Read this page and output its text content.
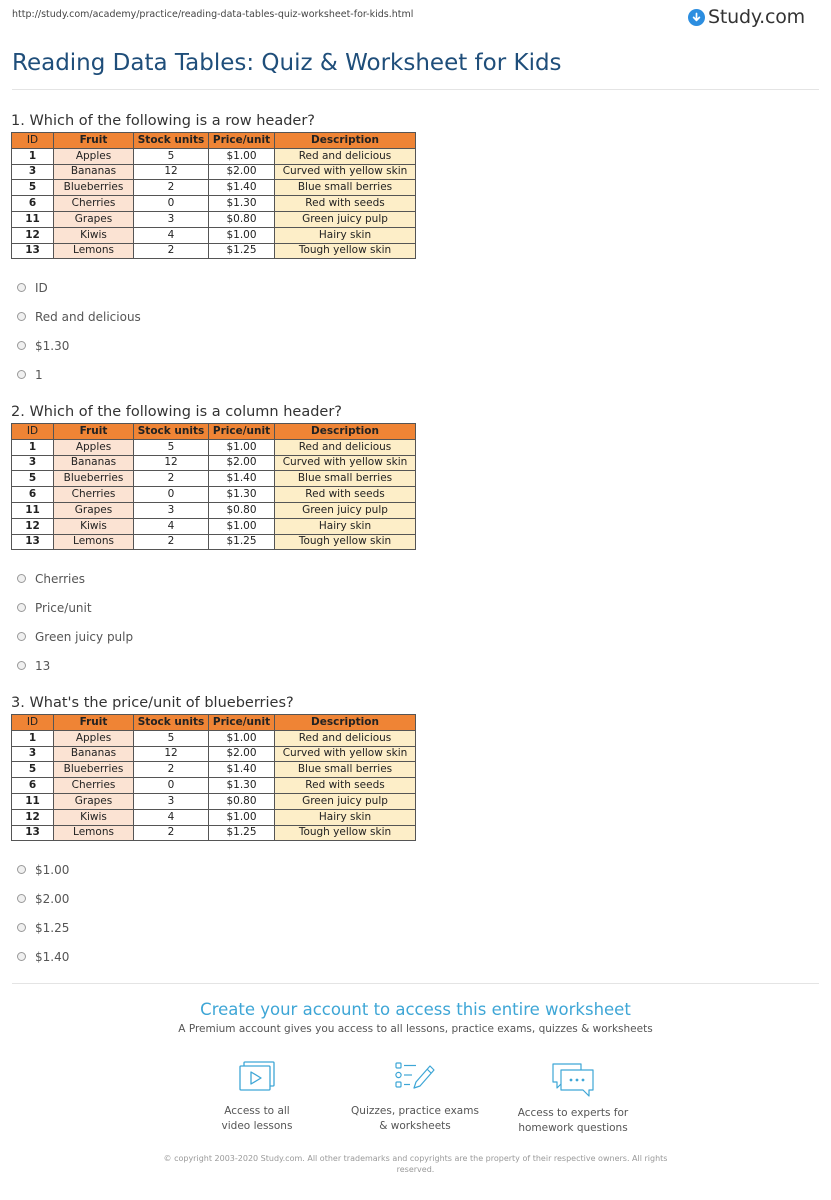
http://study.com/academy/practice/reading-data-tables-quiz-worksheet-for-kids.html	Study.com
Reading Data Tables: Quiz & Worksheet for Kids
1. Which of the following is a row header?
ID	Fruit	Stock units	Price/unit	Description
1	Apples	5	$1.00	Red and delicious
3	Bananas	12	$2.00	Curved with yellow skin
5	Blueberries	2	$1.40	Blue small berries
6	Cherries	0	$1.30	Red with seeds
11	Grapes	3	$0.80	Green juicy pulp
12	Kiwis	4	$1.00	Hairy skin
13	Lemons	2	$1.25	Tough yellow skin
ID
Red and delicious
$1.30
1
2. Which of the following is a column header?
ID	Fruit	Stock units	Price/unit	Description
1	Apples	5	$1.00	Red and delicious
3	Bananas	12	$2.00	Curved with yellow skin
5	Blueberries	2	$1.40	Blue small berries
6	Cherries	0	$1.30	Red with seeds
11	Grapes	3	$0.80	Green juicy pulp
12	Kiwis	4	$1.00	Hairy skin
13	Lemons	2	$1.25	Tough yellow skin
Cherries
Price/unit
Green juicy pulp
13
3. What's the price/unit of blueberries?
ID	Fruit	Stock units	Price/unit	Description
1	Apples	5	$1.00	Red and delicious
3	Bananas	12	$2.00	Curved with yellow skin
5	Blueberries	2	$1.40	Blue small berries
6	Cherries	0	$1.30	Red with seeds
11	Grapes	3	$0.80	Green juicy pulp
12	Kiwis	4	$1.00	Hairy skin
13	Lemons	2	$1.25	Tough yellow skin
$1.00
$2.00
$1.25
$1.40
Create your account to access this entire worksheet
A Premium account gives you access to all lessons, practice exams, quizzes & worksheets
Access to all
video lessons
Quizzes, practice exams
& worksheets
Access to experts for
homework questions
© copyright 2003-2020 Study.com. All other trademarks and copyrights are the property of their respective owners. All rights
reserved.
